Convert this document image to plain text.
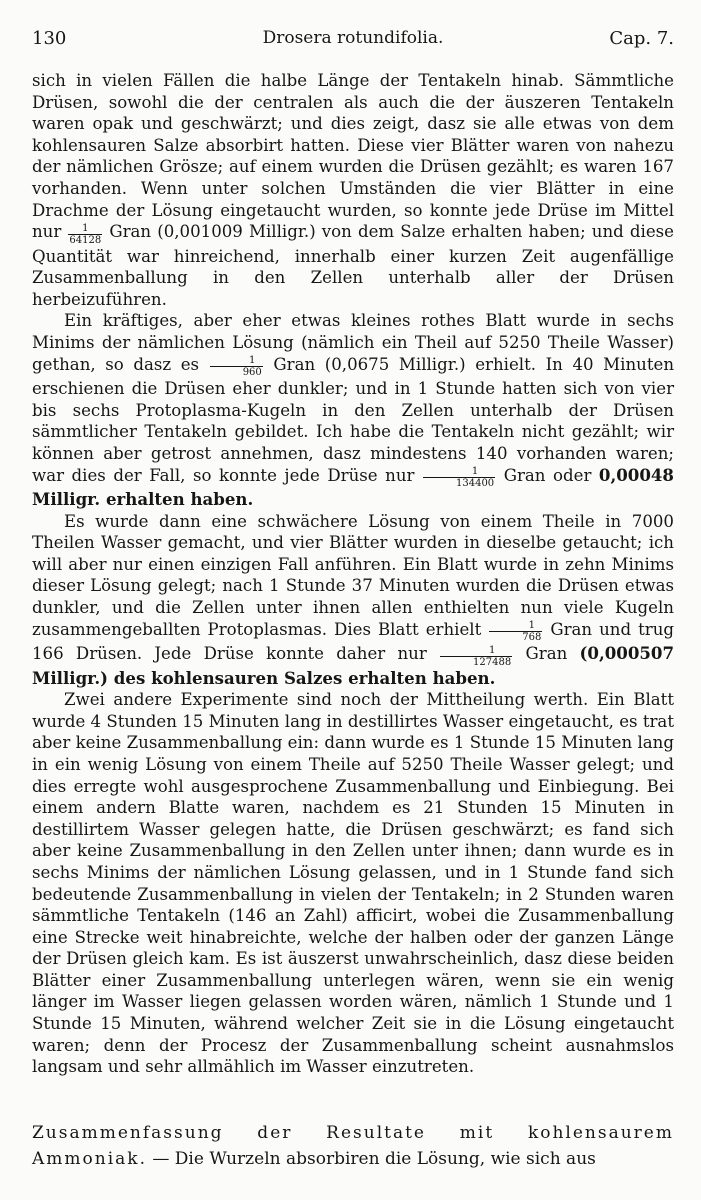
130	Drosera rotundifolia.	Cap. 7.

sich in vielen Fällen die halbe Länge der Tentakeln hinab. Sämmtliche Drüsen, sowohl die der centralen als auch die der äuszeren Tentakeln waren opak und geschwärzt; und dies zeigt, dasz sie alle etwas von dem kohlensauren Salze absorbirt hatten. Diese vier Blätter waren von nahezu der nämlichen Grösze; auf einem wurden die Drüsen gezählt; es waren 167 vorhanden. Wenn unter solchen Umständen die vier Blätter in eine Drachme der Lösung eingetaucht wurden, so konnte jede Drüse im Mittel nur $\frac{1}{64128}$ Gran (0,001009 Milligr.) von dem Salze erhalten haben; und diese Quantität war hinreichend, innerhalb einer kurzen Zeit augenfällige Zusammenballung in den Zellen unterhalb aller der Drüsen herbeizuführen.

Ein kräftiges, aber eher etwas kleines rothes Blatt wurde in sechs Minims der nämlichen Lösung (nämlich ein Theil auf 5250 Theile Wasser) gethan, so dasz es $\frac{1}{960}$ Gran (0,0675 Milligr.) erhielt. In 40 Minuten erschienen die Drüsen eher dunkler; und in 1 Stunde hatten sich von vier bis sechs Protoplasma-Kugeln in den Zellen unterhalb der Drüsen sämmtlicher Tentakeln gebildet. Ich habe die Tentakeln nicht gezählt; wir können aber getrost annehmen, dasz mindestens 140 vorhanden waren; war dies der Fall, so konnte jede Drüse nur $\frac{1}{134400}$ Gran oder 0,00048 Milligr. erhalten haben.

Es wurde dann eine schwächere Lösung von einem Theile in 7000 Theilen Wasser gemacht, und vier Blätter wurden in dieselbe getaucht; ich will aber nur einen einzigen Fall anführen. Ein Blatt wurde in zehn Minims dieser Lösung gelegt; nach 1 Stunde 37 Minuten wurden die Drüsen etwas dunkler, und die Zellen unter ihnen allen enthielten nun viele Kugeln zusammengeballten Protoplasmas. Dies Blatt erhielt $\frac{1}{768}$ Gran und trug 166 Drüsen. Jede Drüse konnte daher nur $\frac{1}{127488}$ Gran (0,000507 Milligr.) des kohlensauren Salzes erhalten haben.

Zwei andere Experimente sind noch der Mittheilung werth. Ein Blatt wurde 4 Stunden 15 Minuten lang in destillirtes Wasser eingetaucht, es trat aber keine Zusammenballung ein: dann wurde es 1 Stunde 15 Minuten lang in ein wenig Lösung von einem Theile auf 5250 Theile Wasser gelegt; und dies erregte wohl ausgesprochene Zusammenballung und Einbiegung. Bei einem andern Blatte waren, nachdem es 21 Stunden 15 Minuten in destillirtem Wasser gelegen hatte, die Drüsen geschwärzt; es fand sich aber keine Zusammenballung in den Zellen unter ihnen; dann wurde es in sechs Minims der nämlichen Lösung gelassen, und in 1 Stunde fand sich bedeutende Zusammenballung in vielen der Tentakeln; in 2 Stunden waren sämmtliche Tentakeln (146 an Zahl) afficirt, wobei die Zusammenballung eine Strecke weit hinabreichte, welche der halben oder der ganzen Länge der Drüsen gleich kam. Es ist äuszerst unwahrscheinlich, dasz diese beiden Blätter einer Zusammenballung unterlegen wären, wenn sie ein wenig länger im Wasser liegen gelassen worden wären, nämlich 1 Stunde und 1 Stunde 15 Minuten, während welcher Zeit sie in die Lösung eingetaucht waren; denn der Procesz der Zusammenballung scheint ausnahmslos langsam und sehr allmählich im Wasser einzutreten.

Zusammenfassung der Resultate mit kohlensaurem Ammoniak. — Die Wurzeln absorbiren die Lösung, wie sich aus
